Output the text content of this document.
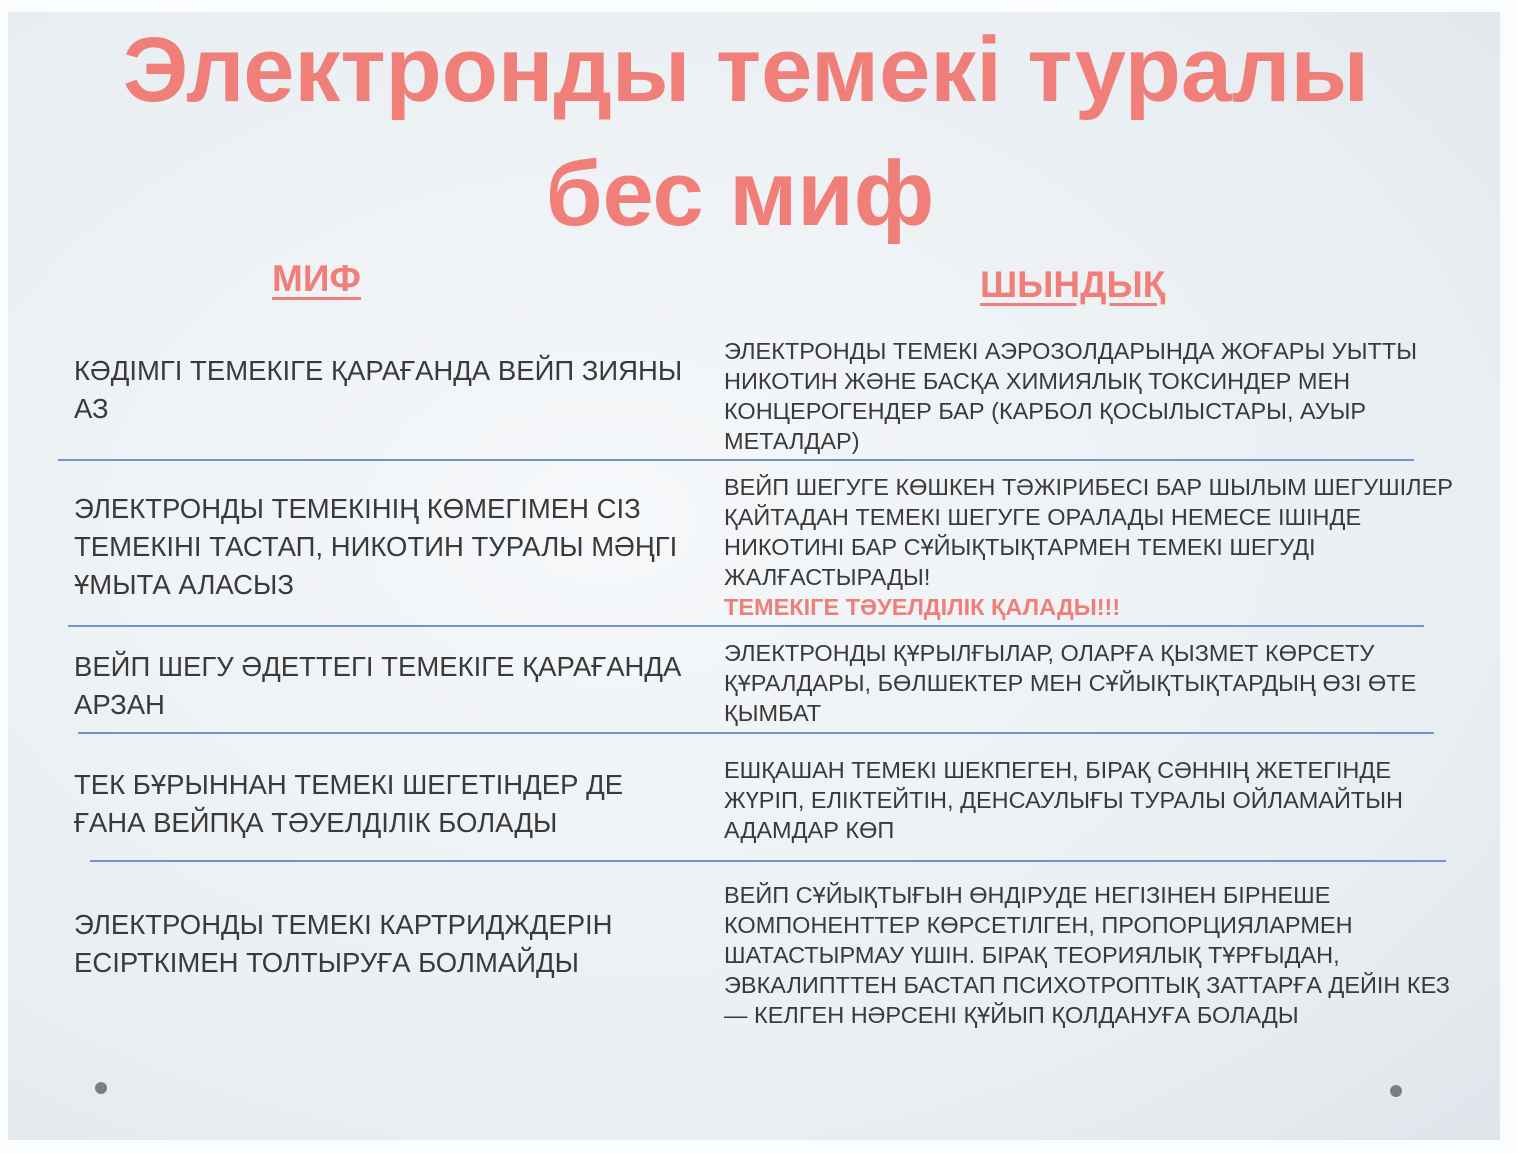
Электронды темекі туралы
бес миф
МИФ	ШЫНДЫҚ

КӘДІМГІ ТЕМЕКІГЕ ҚАРАҒАНДА ВЕЙП ЗИЯНЫ АЗ

ЭЛЕКТРОНДЫ ТЕМЕКІ АЭРОЗОЛДАРЫНДА ЖОҒАРЫ УЫТТЫ НИКОТИН ЖӘНЕ БАСҚА ХИМИЯЛЫҚ ТОКСИНДЕР МЕН КОНЦЕРОГЕНДЕР БАР (КАРБОЛ ҚОСЫЛЫСТАРЫ, АУЫР МЕТАЛДАР)

ЭЛЕКТРОНДЫ ТЕМЕКІНІҢ КӨМЕГІМЕН СІЗ ТЕМЕКІНІ ТАСТАП, НИКОТИН ТУРАЛЫ МӘҢГІ ҰМЫТА АЛАСЫЗ

ВЕЙП ШЕГУГЕ КӨШКЕН ТӘЖІРИБЕСІ БАР ШЫЛЫМ ШЕГУШІЛЕР ҚАЙТАДАН ТЕМЕКІ ШЕГУГЕ ОРАЛАДЫ НЕМЕСЕ ІШІНДЕ НИКОТИНІ БАР СҰЙЫҚТЫҚТАРМЕН ТЕМЕКІ ШЕГУДІ ЖАЛҒАСТЫРАДЫ!
ТЕМЕКІГЕ ТӘУЕЛДІЛІК ҚАЛАДЫ!!!

ВЕЙП ШЕГУ ӘДЕТТЕГІ ТЕМЕКІГЕ ҚАРАҒАНДА АРЗАН

ЭЛЕКТРОНДЫ ҚҰРЫЛҒЫЛАР, ОЛАРҒА ҚЫЗМЕТ КӨРСЕТУ ҚҰРАЛДАРЫ, БӨЛШЕКТЕР МЕН СҰЙЫҚТЫҚТАРДЫҢ ӨЗІ ӨТЕ ҚЫМБАТ

ТЕК БҰРЫННАН ТЕМЕКІ ШЕГЕТІНДЕР ДЕ ҒАНА ВЕЙПҚА ТӘУЕЛДІЛІК БОЛАДЫ

ЕШҚАШАН ТЕМЕКІ ШЕКПЕГЕН, БІРАҚ СӘННІҢ ЖЕТЕГІНДЕ ЖҮРІП, ЕЛІКТЕЙТІН, ДЕНСАУЛЫҒЫ ТУРАЛЫ ОЙЛАМАЙТЫН АДАМДАР КӨП

ЭЛЕКТРОНДЫ ТЕМЕКІ КАРТРИДЖДЕРІН ЕСІРТКІМЕН ТОЛТЫРУҒА БОЛМАЙДЫ

ВЕЙП СҰЙЫҚТЫҒЫН ӨНДІРУДЕ НЕГІЗІНЕН БІРНЕШЕ КОМПОНЕНТТЕР КӨРСЕТІЛГЕН, ПРОПОРЦИЯЛАРМЕН ШАТАСТЫРМАУ ҮШІН. БІРАҚ ТЕОРИЯЛЫҚ ТҰРҒЫДАН, ЭВКАЛИПТТЕН БАСТАП ПСИХОТРОПТЫҚ ЗАТТАРҒА ДЕЙІН КЕЗ — КЕЛГЕН НӘРСЕНІ ҚҰЙЫП ҚОЛДАНУҒА БОЛАДЫ
